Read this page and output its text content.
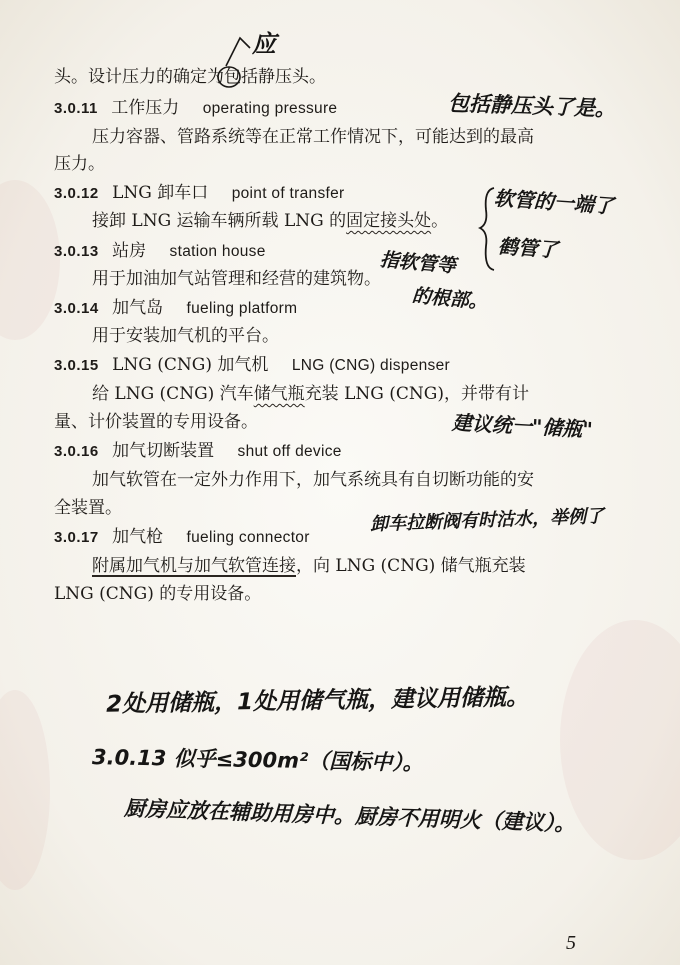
头。设计压力的确定为包括静压头。
3.0.11 工作压力 operating pressure
压力容器、管路系统等在正常工作情况下，可能达到的最高
压力。
3.0.12 LNG 卸车口 point of transfer
接卸 LNG 运输车辆所载 LNG 的固定接头处。
3.0.13 站房 station house
用于加油加气站管理和经营的建筑物。
3.0.14 加气岛 fueling platform
用于安装加气机的平台。
3.0.15 LNG (CNG) 加气机 LNG (CNG) dispenser
给 LNG (CNG) 汽车储气瓶充装 LNG (CNG)，并带有计
量、计价装置的专用设备。
3.0.16 加气切断装置 shut off device
加气软管在一定外力作用下，加气系统具有自切断功能的安
全装置。
3.0.17 加气枪 fueling connector
附属加气机与加气软管连接，向 LNG (CNG) 储气瓶充装
LNG (CNG) 的专用设备。
应
包括静压头了是。
软管的一端了
鹤管了
指软管等
的根部。
建议统一"储瓶"
卸车拉断阀有时沽水，举例了
2处用储瓶，1处用储气瓶，建议用储瓶。
3.0.13 似乎≤300m²（国标中）。
厨房应放在辅助用房中。厨房不用明火（建议）。
5
